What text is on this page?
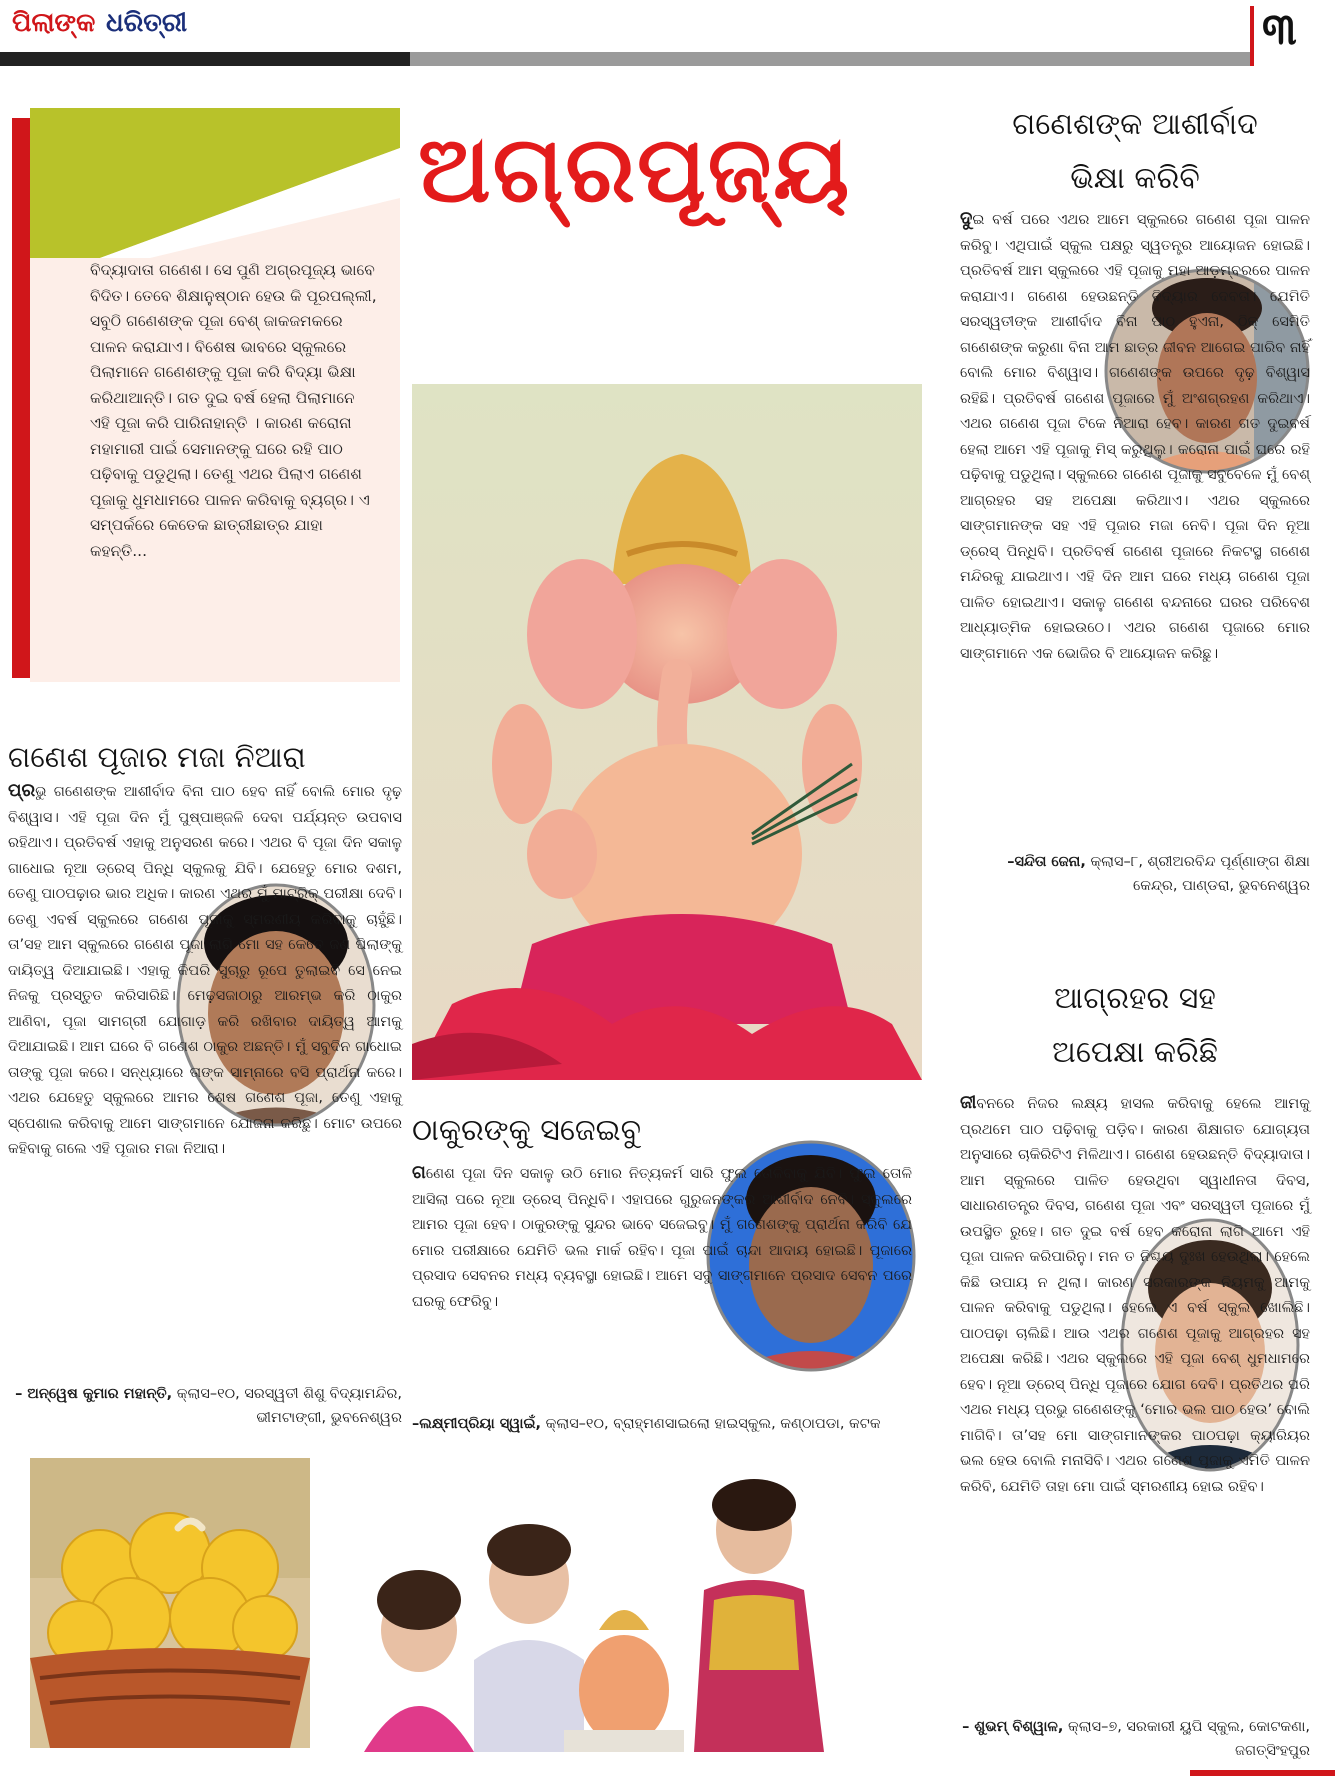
ପିଲାଙ୍କ ଧରିତ୍ରୀ	୩
ବିଦ୍ୟାଦାତା ଗଣେଶ। ସେ ପୁଣି ଅଗ୍ରପୂଜ୍ୟ ଭାବେ ବିଦିତ। ତେବେ ଶିକ୍ଷାନୁଷ୍ଠାନ ହେଉ କି ପୂରପଲ୍ଲୀ, ସବୁଠି ଗଣେଶଙ୍କ ପୂଜା ବେଶ୍ ଜାକଜମକରେ ପାଳନ କରାଯାଏ। ବିଶେଷ ଭାବରେ ସ୍କୁଲରେ ପିଲାମାନେ ଗଣେଶଙ୍କୁ ପୂଜା କରି ବିଦ୍ୟା ଭିକ୍ଷା କରିଥାଆନ୍ତି। ଗତ ଦୁଇ ବର୍ଷ ହେଲା ପିଲାମାନେ ଏହି ପୂଜା କରି ପାରିନାହାନ୍ତି । କାରଣ କରୋନା ମହାମାରୀ ପାଇଁ ସେମାନଙ୍କୁ ଘରେ ରହି ପାଠ ପଢ଼ିବାକୁ ପଡୁଥିଲା। ତେଣୁ ଏଥର ପିଲାଏ ଗଣେଶ ପୂଜାକୁ ଧୁମଧାମରେ ପାଳନ କରିବାକୁ ବ୍ୟଗ୍ର। ଏ ସମ୍ପର୍କରେ କେତେକ ଛାତ୍ରୀଛାତ୍ର ଯାହା କହନ୍ତି...
ଅଗ୍ରପୂଜ୍ୟ	ଗଣେଶଙ୍କ ଆଶୀର୍ବାଦ
ଭିକ୍ଷା କରିବି
ଦୁଇ ବର୍ଷ ପରେ ଏଥର ଆମେ ସ୍କୁଲରେ ଗଣେଶ ପୂଜା ପାଳନ କରିବୁ। ଏଥିପାଇଁ ସ୍କୁଲ ପକ୍ଷରୁ ସ୍ୱତନ୍ତ୍ର ଆୟୋଜନ ହୋଇଛି। ପ୍ରତିବର୍ଷ ଆମ ସ୍କୁଲରେ ଏହି ପୂଜାକୁ ମହା ଆଡ଼ମ୍ବରରେ ପାଳନ କରାଯାଏ। ଗଣେଶ ହେଉଛନ୍ତି ବିଦ୍ୟାର ଦେବତା। ଯେମିତି ସରସ୍ୱତୀଙ୍କ ଆଶୀର୍ବାଦ ବିନା ପାଠ ହୁଏନା, ଠିକ୍ ସେମିତି ଗଣେଶଙ୍କ କରୁଣା ବିନା ଆମ ଛାତ୍ର ଜୀବନ ଆଗେଇ ପାରିବ ନାହିଁ ବୋଲି ମୋର ବିଶ୍ୱାସ। ଗଣେଶଙ୍କ ଉପରେ ଦୃଢ଼ ବିଶ୍ୱାସ ରହିଛି। ପ୍ରତିବର୍ଷ ଗଣେଶ ପୂଜାରେ ମୁଁ ଅଂଶଗ୍ରହଣ କରିଥାଏ। ଏଥର ଗଣେଶ ପୂଜା ଟିକେ ନିଆରା ହେବ। କାରଣ ଗତ ଦୁଇବର୍ଷ ହେଲା ଆମେ ଏହି ପୂଜାକୁ ମିସ୍ କରୁଥିଲୁ। କରୋନା ପାଇଁ ଘରେ ରହି ପଢ଼ିବାକୁ ପଡୁଥିଲା। ସ୍କୁଲରେ ଗଣେଶ ପୂଜାକୁ ସବୁବେଳେ ମୁଁ ବେଶ୍ ଆଗ୍ରହର ସହ ଅପେକ୍ଷା କରିଥାଏ। ଏଥର ସ୍କୁଲରେ ସାଙ୍ଗମାନଙ୍କ ସହ ଏହି ପୂଜାର ମଜା ନେବି। ପୂଜା ଦିନ ନୂଆ ଡ୍ରେସ୍ ପିନ୍ଧିବି। ପ୍ରତିବର୍ଷ ଗଣେଶ ପୂଜାରେ ନିକଟସ୍ଥ ଗଣେଶ ମନ୍ଦିରକୁ ଯାଇଥାଏ। ଏହି ଦିନ ଆମ ଘରେ ମଧ୍ୟ ଗଣେଶ ପୂଜା ପାଳିତ ହୋଇଥାଏ। ସକାଳୁ ଗଣେଶ ବନ୍ଦନାରେ ଘରର ପରିବେଶ ଆଧ୍ୟାତ୍ମିକ ହୋଇଉଠେ। ଏଥର ଗଣେଶ ପୂଜାରେ ମୋର ସାଙ୍ଗମାନେ ଏକ ଭୋଜିର ବି ଆୟୋଜନ କରିଛୁ।
–ସନ୍ଦିତା ଜେନା, କ୍ଲାସ–୮, ଶ୍ରୀଅରବିନ୍ଦ ପୂର୍ଣ୍ଣାଙ୍ଗ ଶିକ୍ଷା କେନ୍ଦ୍ର, ପାଣ୍ଡରା, ଭୁବନେଶ୍ୱର
ଆଗ୍ରହର ସହ
ଅପେକ୍ଷା କରିଛି
ଜୀବନରେ ନିଜର ଲକ୍ଷ୍ୟ ହାସଲ କରିବାକୁ ହେଲେ ଆମକୁ ପ୍ରଥମେ ପାଠ ପଢ଼ିବାକୁ ପଡ଼ିବ। କାରଣ ଶିକ୍ଷାଗତ ଯୋଗ୍ୟତା ଅନୁସାରେ ଚାକିରିଟିଏ ମିଳିଥାଏ। ଗଣେଶ ହେଉଛନ୍ତି ବିଦ୍ୟାଦାତା। ଆମ ସ୍କୁଲରେ ପାଳିତ ହେଉଥିବା ସ୍ୱାଧୀନତା ଦିବସ, ସାଧାରଣତନ୍ତ୍ର ଦିବସ, ଗଣେଶ ପୂଜା ଏବଂ ସରସ୍ୱତୀ ପୂଜାରେ ମୁଁ ଉପସ୍ଥିତ ରୁହେ। ଗତ ଦୁଇ ବର୍ଷ ହେବ କରୋନା ଲାଗି ଆମେ ଏହି ପୂଜା ପାଳନ କରିପାରିନୁ। ମନ ତ ନିଶ୍ଚୟ ଦୁଃଖ ହେଉଥିଲା। ହେଲେ କିଛି ଉପାୟ ନ ଥିଲା। କାରଣ ସରକାରଙ୍କ ନିୟମକୁ ଆମକୁ ପାଳନ କରିବାକୁ ପଡୁଥିଲା। ହେଲେ ଏ ବର୍ଷ ସ୍କୁଲ ଖୋଲିଛି। ପାଠପଢ଼ା ଚାଲିଛି। ଆଉ ଏଥର ଗଣେଶ ପୂଜାକୁ ଆଗ୍ରହର ସହ ଅପେକ୍ଷା କରିଛି। ଏଥର ସ୍କୁଲରେ ଏହି ପୂଜା ବେଶ୍ ଧୁମଧାମରେ ହେବ। ନୂଆ ଡ୍ରେସ୍ ପିନ୍ଧି ପୂଜାରେ ଯୋଗ ଦେବି। ପ୍ରତିଥର ପରି ଏଥର ମଧ୍ୟ ପ୍ରଭୁ ଗଣେଶଙ୍କୁ ‘ମୋର ଭଲ ପାଠ ହେଉ’ ବୋଲି ମାଗିବି। ତା’ସହ ମୋ ସାଙ୍ଗମାନଙ୍କର ପାଠପଢ଼ା କ୍ୟାରିୟର ଭଲ ହେଉ ବୋଲି ମନାସିବି। ଏଥର ଗଣେଶ ପୂଜାକୁ ଏମିତି ପାଳନ କରିବି, ଯେମିତି ତାହା ମୋ ପାଇଁ ସ୍ମରଣୀୟ ହୋଇ ରହିବ।
– ଶୁଭମ୍ ବିଶ୍ୱାଳ, କ୍ଲାସ–୭, ସରକାରୀ ୟୁପି ସ୍କୁଲ, କୋଟକଣା, ଜଗତ୍‌ସିଂହପୁର
ଗଣେଶ ପୂଜାର ମଜା ନିଆରା
ପ୍ରଭୁ ଗଣେଶଙ୍କ ଆଶୀର୍ବାଦ ବିନା ପାଠ ହେବ ନାହିଁ ବୋଲି ମୋର ଦୃଢ଼ ବିଶ୍ୱାସ। ଏହି ପୂଜା ଦିନ ମୁଁ ପୁଷ୍ପାଞ୍ଜଳି ଦେବା ପର୍ଯ୍ୟନ୍ତ ଉପବାସ ରହିଥାଏ। ପ୍ରତିବର୍ଷ ଏହାକୁ ଅନୁସରଣ କରେ। ଏଥର ବି ପୂଜା ଦିନ ସକାଳୁ ଗାଧୋଇ ନୂଆ ଡ୍ରେସ୍ ପିନ୍ଧି ସ୍କୁଲକୁ ଯିବି। ଯେହେତୁ ମୋର ଦଶମ, ତେଣୁ ପାଠପଢ଼ାର ଭାର ଅଧିକ। କାରଣ ଏଥର ମୁଁ ମାଟ୍ରିକ୍ ପରୀକ୍ଷା ଦେବି। ତେଣୁ ଏବର୍ଷ ସ୍କୁଲରେ ଗଣେଶ ପୂଜାକୁ ସ୍ମରଣୀୟ କରିବାକୁ ଚାହୁଁଛି। ତା’ସହ ଆମ ସ୍କୁଲରେ ଗଣେଶ ପୂଜା ଲାଗି ମୋ ସହ କେତେ ଜଣ ପିଲାଙ୍କୁ ଦାୟିତ୍ୱ ଦିଆଯାଇଛି। ଏହାକୁ କିପରି ସୁଚାରୁ ରୂପେ ତୁଲାଇବି ସେ ନେଇ ନିଜକୁ ପ୍ରସ୍ତୁତ କରିସାରିଛି। ମେଢ଼ସଜାଠାରୁ ଆରମ୍ଭ କରି ଠାକୁର ଆଣିବା, ପୂଜା ସାମଗ୍ରୀ ଯୋଗାଡ଼ କରି ରଖିବାର ଦାୟିତ୍ୱ ଆମକୁ ଦିଆଯାଇଛି। ଆମ ଘରେ ବି ଗଣେଶ ଠାକୁର ଅଛନ୍ତି। ମୁଁ ସବୁଦିନ ଗାଧୋଇ ତାଙ୍କୁ ପୂଜା କରେ। ସନ୍ଧ୍ୟାରେ ତାଙ୍କ ସାମ୍ନାରେ ବସି ପ୍ରାର୍ଥନା କରେ। ଏଥର ଯେହେତୁ ସ୍କୁଲରେ ଆମର ଶେଷ ଗଣେଶ ପୂଜା, ତେଣୁ ଏହାକୁ ସ୍ପେଶାଲ କରିବାକୁ ଆମେ ସାଙ୍ଗମାନେ ଯୋଜନା କରିଛୁ। ମୋଟ ଉପରେ କହିବାକୁ ଗଲେ ଏହି ପୂଜାର ମଜା ନିଆରା।
– ଅନ୍ୱେଷ କୁମାର ମହାନ୍ତି, କ୍ଲାସ–୧୦, ସରସ୍ୱତୀ ଶିଶୁ ବିଦ୍ୟାମନ୍ଦିର, ଭୀମଟାଙ୍ଗୀ, ଭୁବନେଶ୍ୱର
ଠାକୁରଙ୍କୁ ସଜେଇବୁ
ଗଣେଶ ପୂଜା ଦିନ ସକାଳୁ ଉଠି ମୋର ନିତ୍ୟକର୍ମ ସାରି ଫୁଲ ତୋଳିବାକୁ ଯିବି। ଫୁଲ ତୋଳି ଆସିଲା ପରେ ନୂଆ ଡ୍ରେସ୍ ପିନ୍ଧିବି। ଏହାପରେ ଗୁରୁଜନଙ୍କର ଆଶୀର୍ବାଦ ନେବି। ସ୍କୁଲରେ ଆମର ପୂଜା ହେବ। ଠାକୁରଙ୍କୁ ସୁନ୍ଦର ଭାବେ ସଜେଇବୁ। ମୁଁ ଗଣେଶଙ୍କୁ ପ୍ରାର୍ଥନା କରିବି ଯେ ମୋର ପରୀକ୍ଷାରେ ଯେମିତି ଭଲ ମାର୍କ ରହିବ। ପୂଜା ପାଇଁ ଚାନ୍ଦା ଆଦାୟ ହୋଇଛି। ପୂଜାରେ ପ୍ରସାଦ ସେବନର ମଧ୍ୟ ବ୍ୟବସ୍ଥା ହୋଇଛି। ଆମେ ସବୁ ସାଙ୍ଗମାନେ ପ୍ରସାଦ ସେବନ ପରେ ଘରକୁ ଫେରିବୁ।
–ଲକ୍ଷ୍ମୀପ୍ରିୟା ସ୍ୱାଇଁ, କ୍ଲାସ–୧୦, ବ୍ରାହ୍ମଣସାଇଲୋ ହାଇସ୍କୁଲ, କଣ୍ଠାପଡା, କଟକ
